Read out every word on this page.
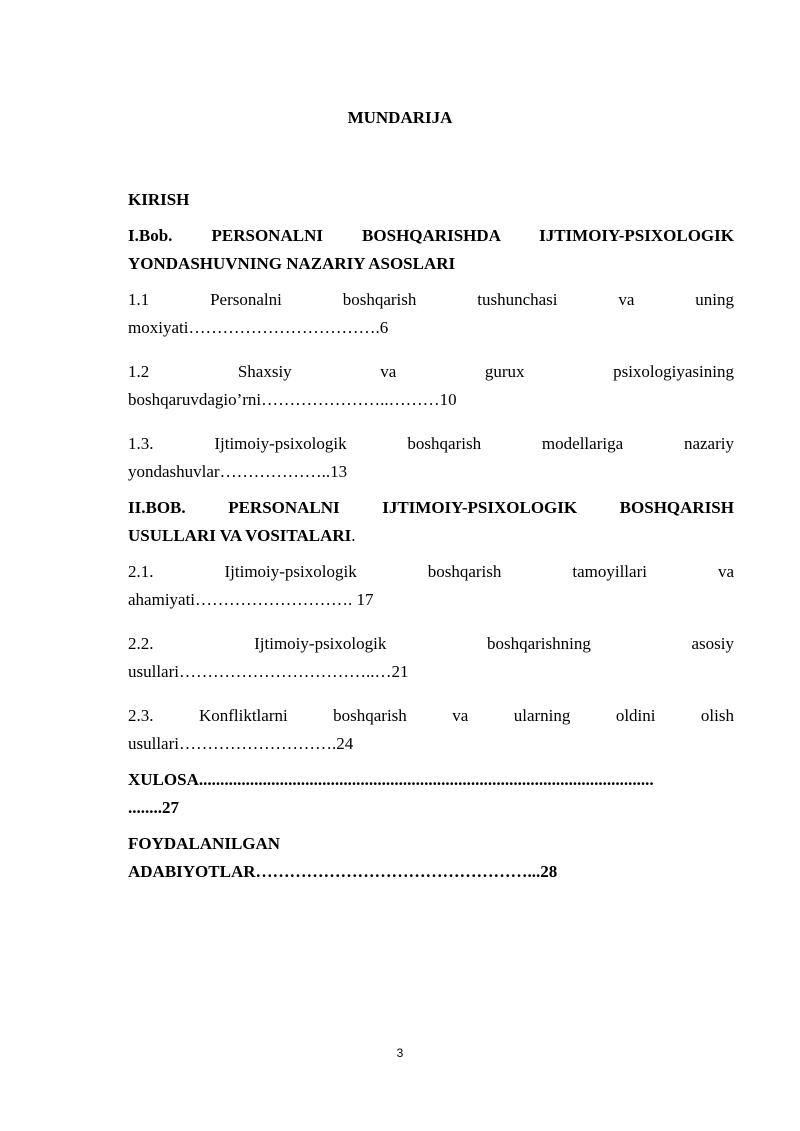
MUNDARIJA
KIRISH
I.Bob. PERSONALNI BOSHQARISHDA IJTIMOIY-PSIXOLOGIK
YONDASHUVNING NAZARIY ASOSLARI
1.1 Personalni boshqarish tushunchasi va uning
moxiyati…………………………….6
1.2 Shaxsiy va gurux psixologiyasining
boshqaruvdagio’rni…………………..………10
1.3. Ijtimoiy-psixologik boshqarish modellariga nazariy
yondashuvlar………………..13
II.BOB. PERSONALNI IJTIMOIY-PSIXOLOGIK BOSHQARISH
USULLARI VA VOSITALARI.
2.1. Ijtimoiy-psixologik boshqarish tamoyillari va
ahamiyati………………………. 17
2.2. Ijtimoiy-psixologik boshqarishning asosiy
usullari……………………………..…21
2.3. Konfliktlarni boshqarish va ularning oldini olish
usullari……………………….24
XULOSA...........................................................................................................
........27
FOYDALANILGAN
ADABIYOTLAR…………………………………………...28
3
